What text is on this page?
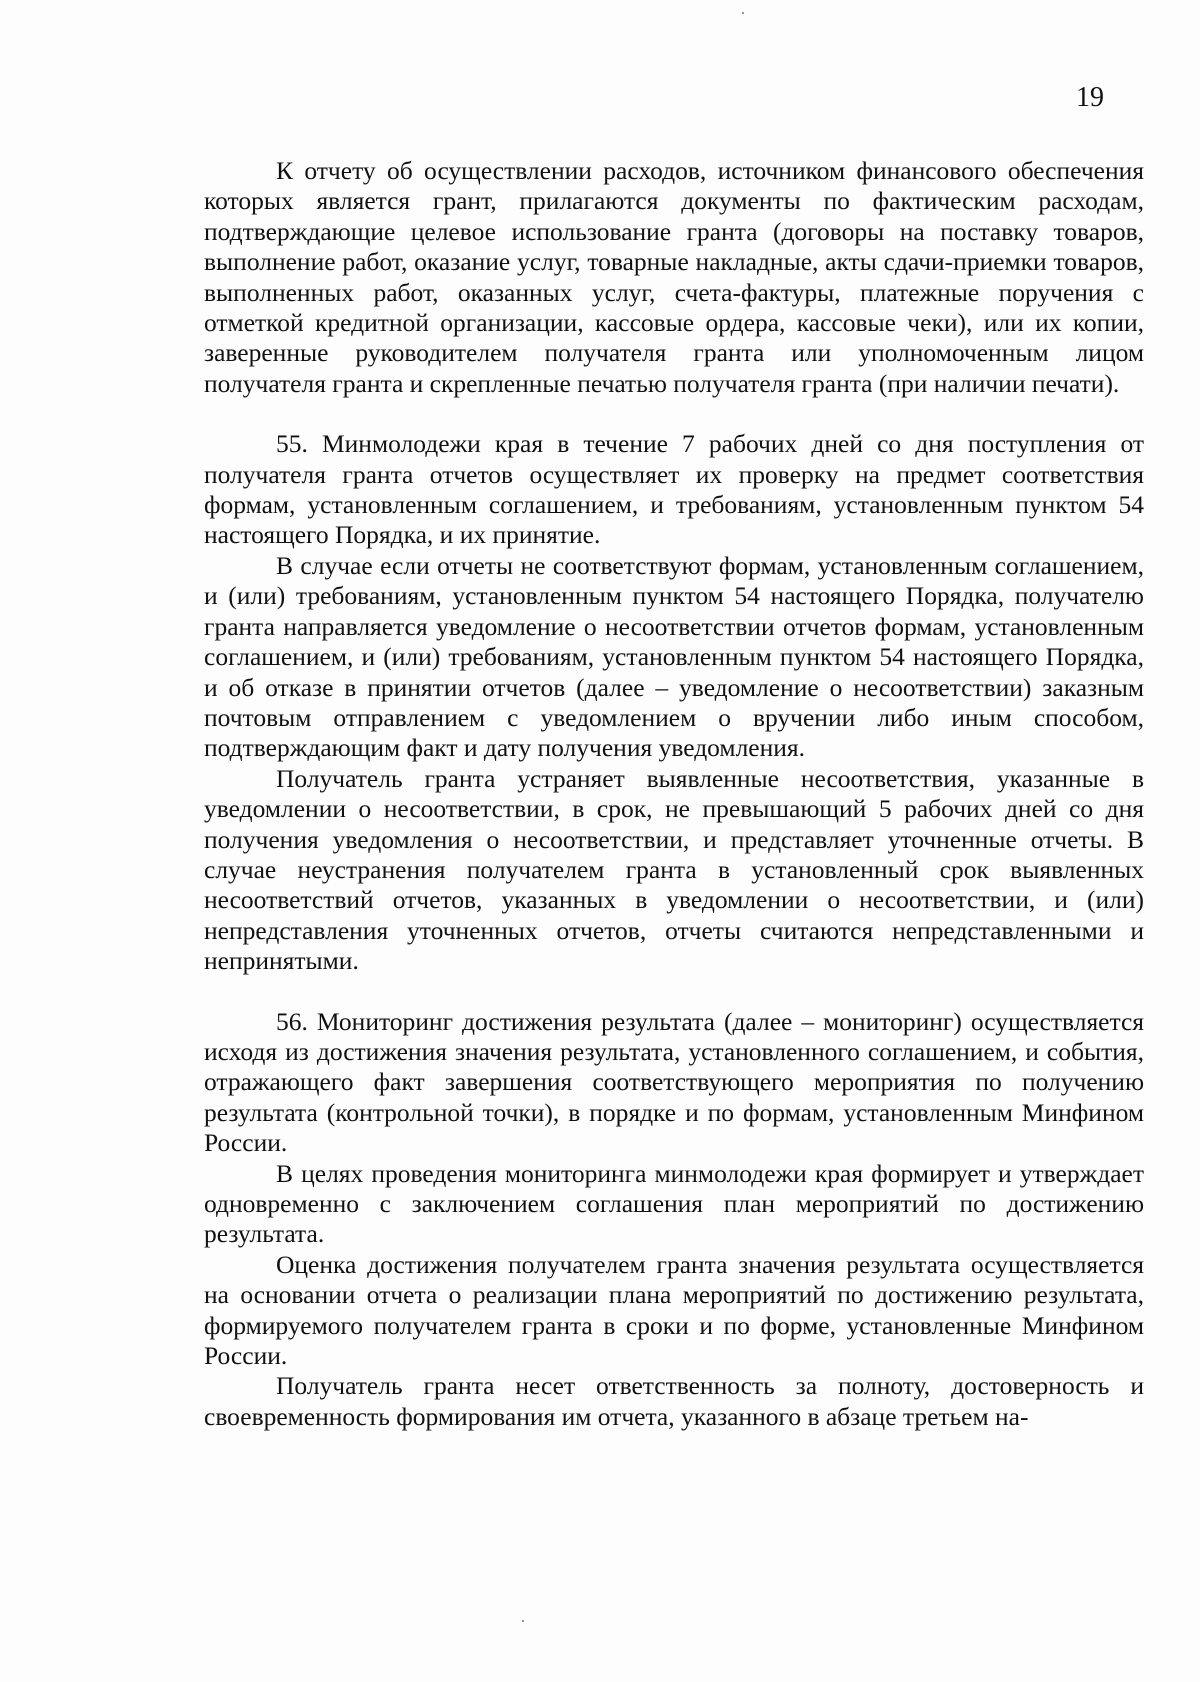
19

К отчету об осуществлении расходов, источником финансового обеспечения которых является грант, прилагаются документы по фактическим расходам, подтверждающие целевое использование гранта (договоры на поставку товаров, выполнение работ, оказание услуг, товарные накладные, акты сдачи-приемки товаров, выполненных работ, оказанных услуг, счета-фактуры, платежные поручения с отметкой кредитной организации, кассовые ордера, кассовые чеки), или их копии, заверенные руководителем получателя гранта или уполномоченным лицом получателя гранта и скрепленные печатью получателя гранта (при наличии печати).

55. Минмолодежи края в течение 7 рабочих дней со дня поступления от получателя гранта отчетов осуществляет их проверку на предмет соответствия формам, установленным соглашением, и требованиям, установленным пунктом 54 настоящего Порядка, и их принятие.

В случае если отчеты не соответствуют формам, установленным соглашением, и (или) требованиям, установленным пунктом 54 настоящего Порядка, получателю гранта направляется уведомление о несоответствии отчетов формам, установленным соглашением, и (или) требованиям, установленным пунктом 54 настоящего Порядка, и об отказе в принятии отчетов (далее – уведомление о несоответствии) заказным почтовым отправлением с уведомлением о вручении либо иным способом, подтверждающим факт и дату получения уведомления.

Получатель гранта устраняет выявленные несоответствия, указанные в уведомлении о несоответствии, в срок, не превышающий 5 рабочих дней со дня получения уведомления о несоответствии, и представляет уточненные отчеты. В случае неустранения получателем гранта в установленный срок выявленных несоответствий отчетов, указанных в уведомлении о несоответствии, и (или) непредставления уточненных отчетов, отчеты считаются непредставленными и непринятыми.

56. Мониторинг достижения результата (далее – мониторинг) осуществляется исходя из достижения значения результата, установленного соглашением, и события, отражающего факт завершения соответствующего мероприятия по получению результата (контрольной точки), в порядке и по формам, установленным Минфином России.

В целях проведения мониторинга минмолодежи края формирует и утверждает одновременно с заключением соглашения план мероприятий по достижению результата.

Оценка достижения получателем гранта значения результата осуществляется на основании отчета о реализации плана мероприятий по достижению результата, формируемого получателем гранта в сроки и по форме, установленные Минфином России.

Получатель гранта несет ответственность за полноту, достоверность и своевременность формирования им отчета, указанного в абзаце третьем на-
